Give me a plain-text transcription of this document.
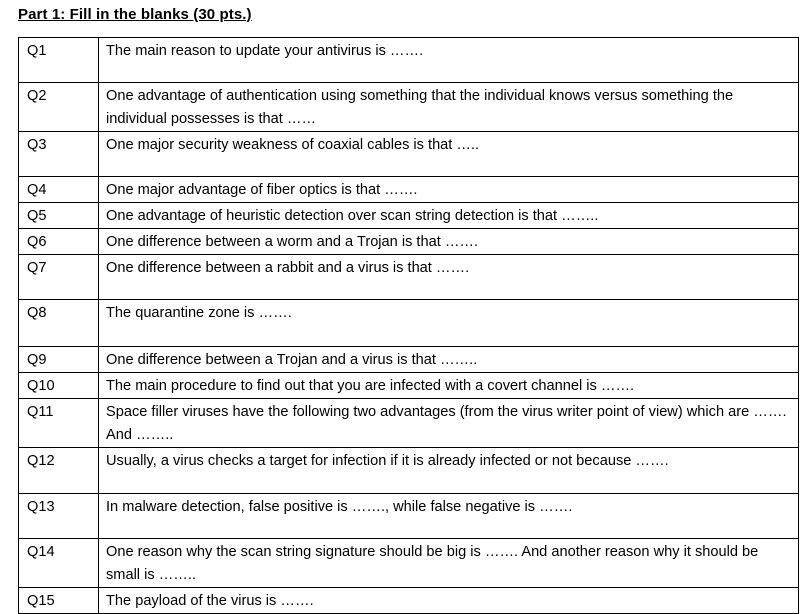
Part 1: Fill in the blanks (30 pts.)
Q1	The main reason to update your antivirus is …….
Q2	One advantage of authentication using something that the individual knows versus something the individual possesses is that ……
Q3	One major security weakness of coaxial cables is that …..
Q4	One major advantage of fiber optics is that …….
Q5	One advantage of heuristic detection over scan string detection is that ……..
Q6	One difference between a worm and a Trojan is that …….
Q7	One difference between a rabbit and a virus is that …….
Q8	The quarantine zone is …….
Q9	One difference between a Trojan and a virus is that ……..
Q10	The main procedure to find out that you are infected with a covert channel is …….
Q11	Space filler viruses have the following two advantages (from the virus writer point of view) which are ……. And ……..
Q12	Usually, a virus checks a target for infection if it is already infected or not because …….
Q13	In malware detection, false positive is ……., while false negative is …….
Q14	One reason why the scan string signature should be big is ……. And another reason why it should be small is ……..
Q15	The payload of the virus is …….
